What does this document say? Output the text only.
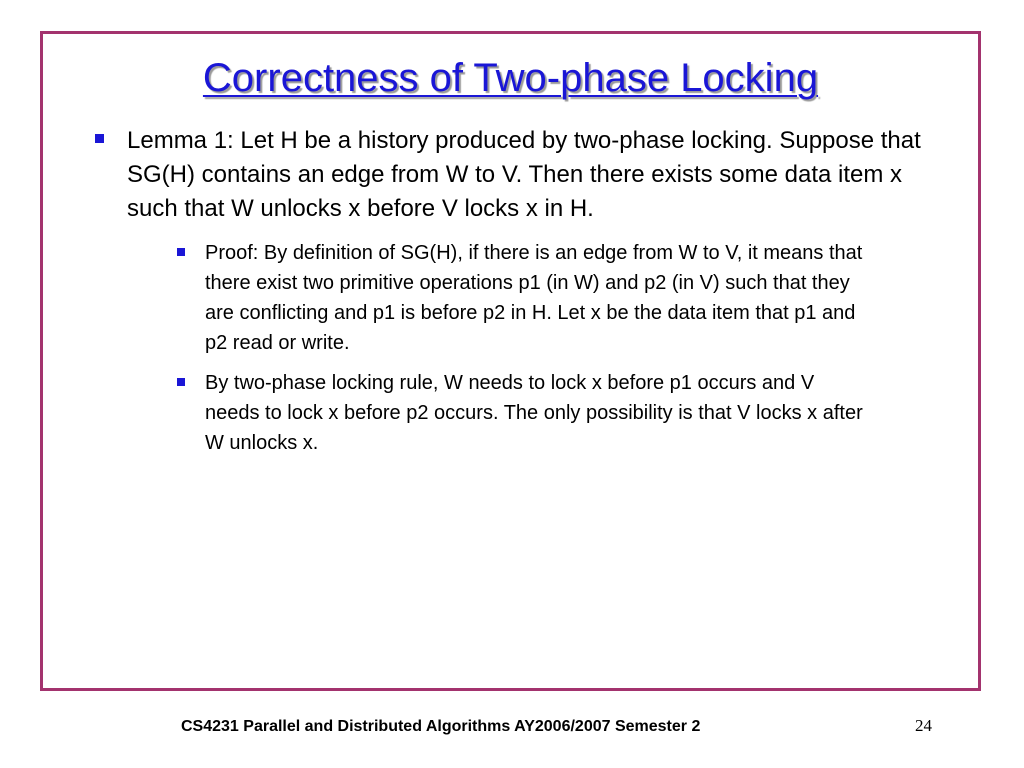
Correctness of Two-phase Locking
Lemma 1: Let H be a history produced by two-phase locking. Suppose that SG(H) contains an edge from W to V. Then there exists some data item x such that W unlocks x before V locks x in H.
Proof: By definition of SG(H), if there is an edge from W to V, it means that there exist two primitive operations p1 (in W) and p2 (in V) such that they are conflicting and p1 is before p2 in H. Let x be the data item that p1 and p2 read or write.
By two-phase locking rule, W needs to lock x before p1 occurs and V needs to lock x before p2 occurs. The only possibility is that V locks x after W unlocks x.
CS4231 Parallel and Distributed Algorithms AY2006/2007 Semester 2	24
